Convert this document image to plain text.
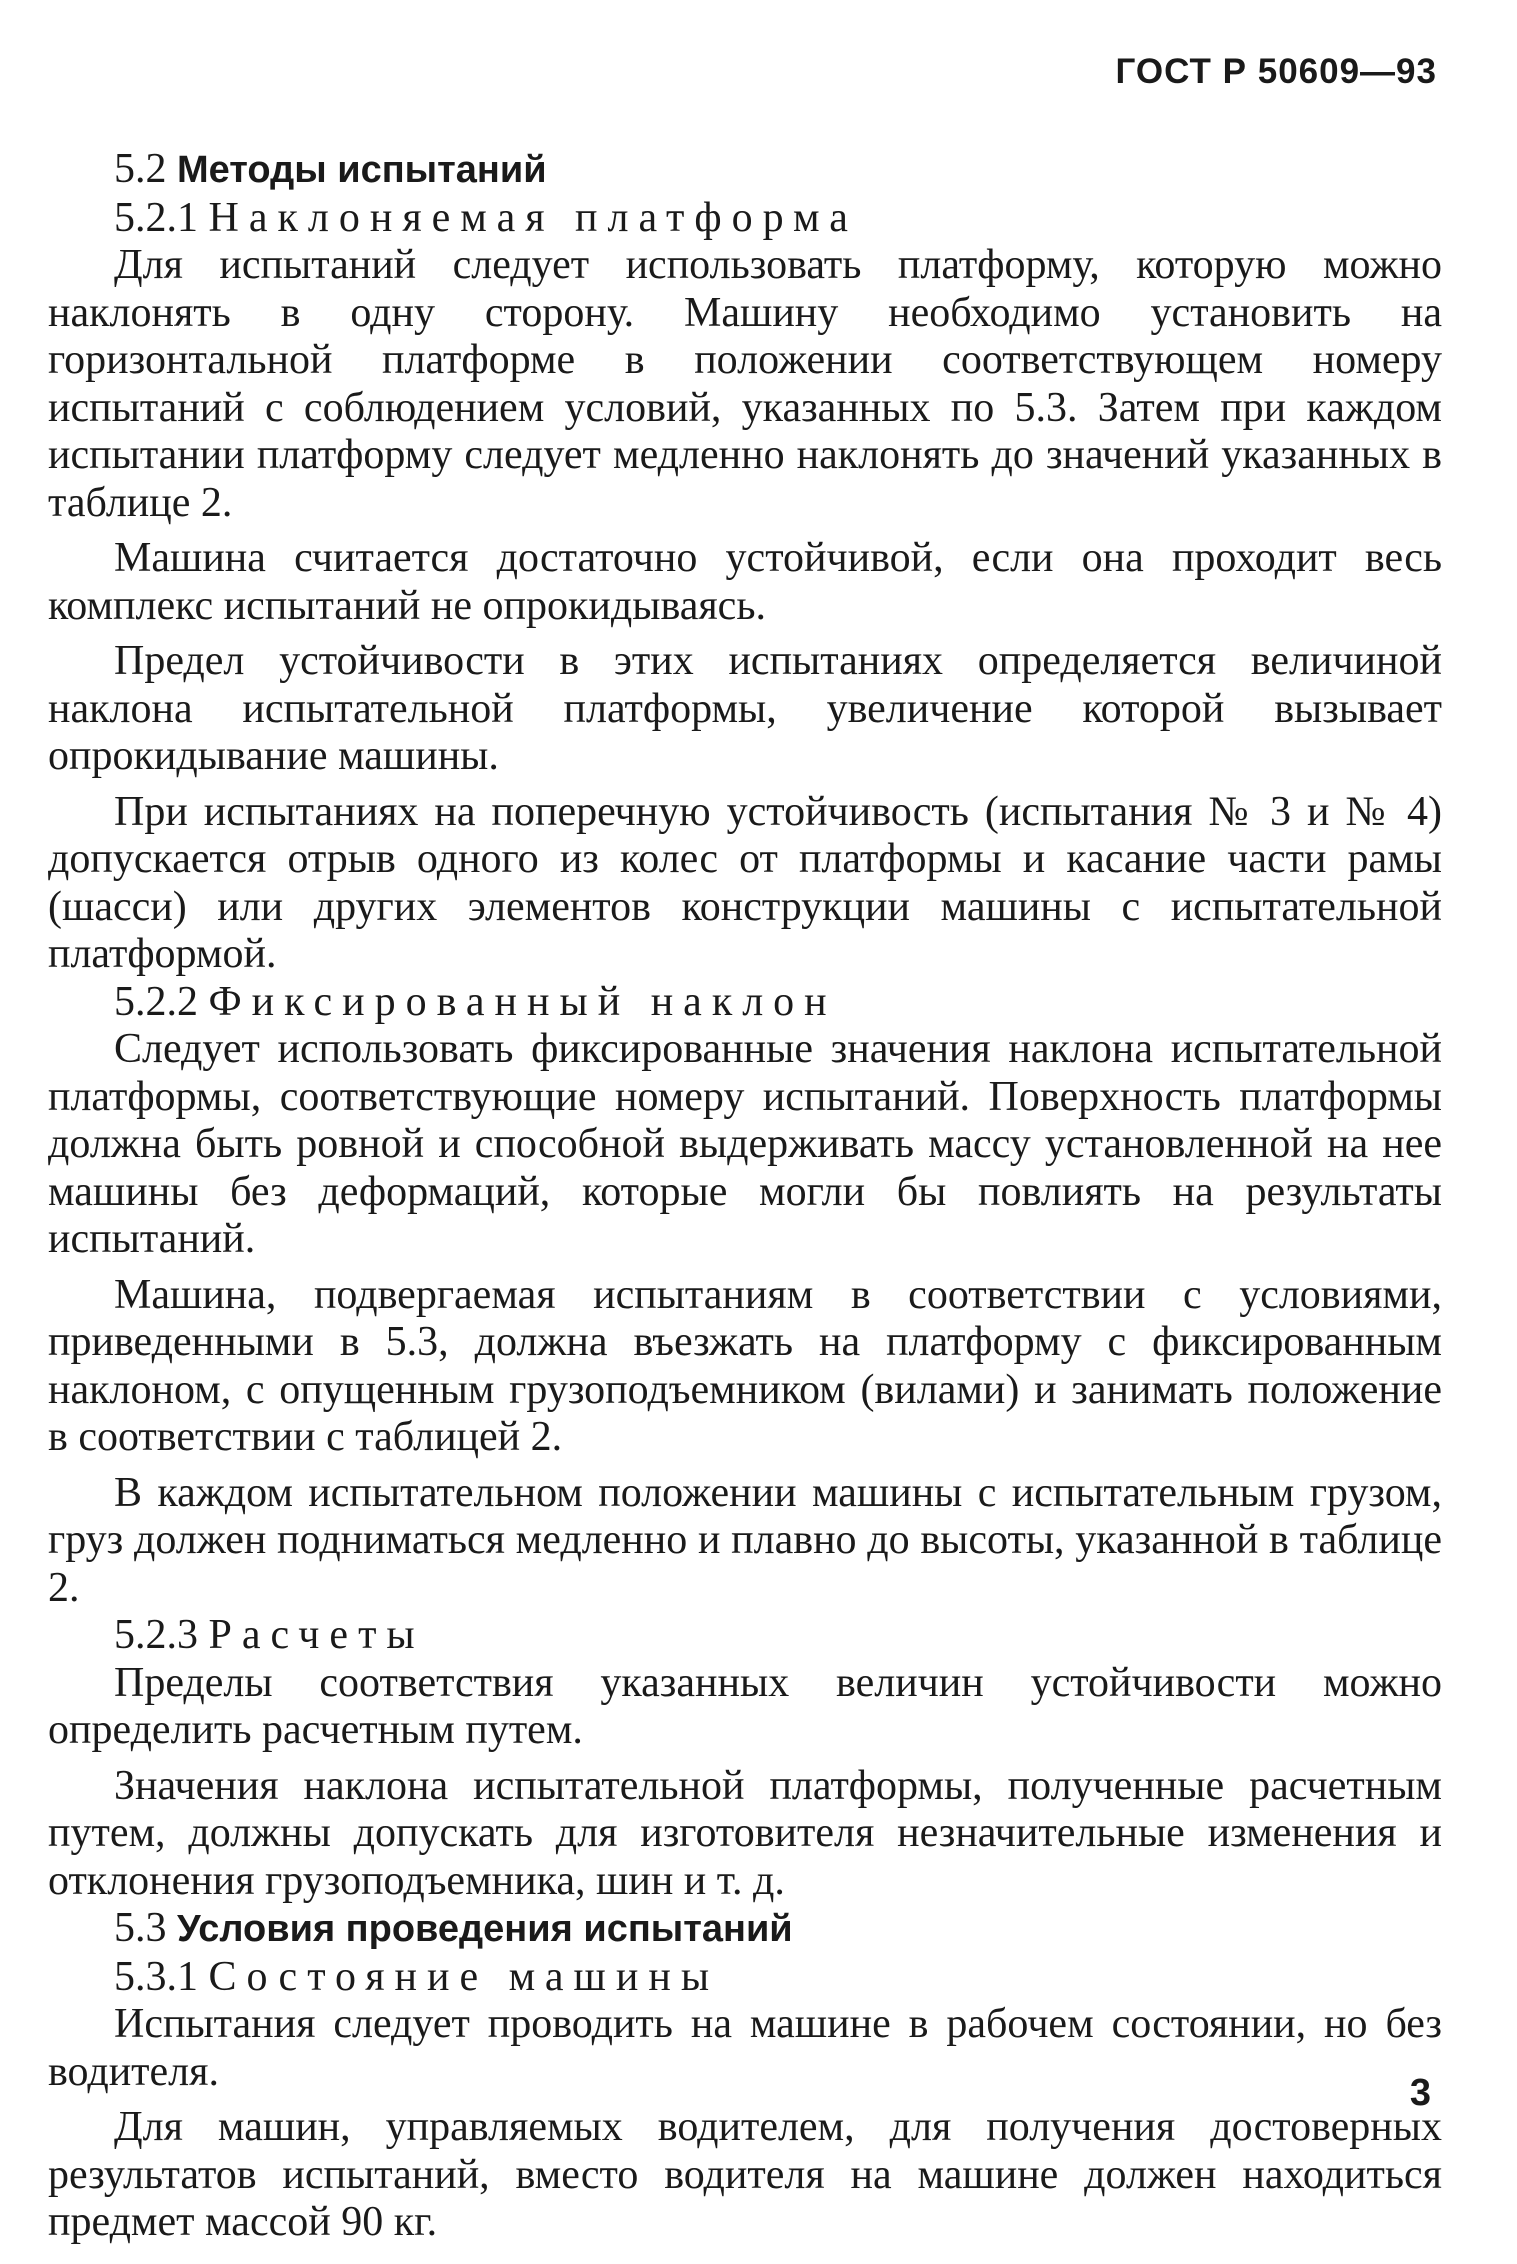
ГОСТ Р 50609—93

5.2 Методы испытаний

5.2.1 Наклоняемая платформа

Для испытаний следует использовать платформу, которую можно наклонять в одну сторону. Машину необходимо установить на горизонтальной платформе в положении соответствующем номеру испытаний с соблюдением условий, указанных по 5.3. Затем при каждом испытании платформу следует медленно наклонять до значений указанных в таблице 2.

Машина считается достаточно устойчивой, если она проходит весь комплекс испытаний не опрокидываясь.

Предел устойчивости в этих испытаниях определяется величиной наклона испытательной платформы, увеличение которой вызывает опрокидывание машины.

При испытаниях на поперечную устойчивость (испытания № 3 и № 4) допускается отрыв одного из колес от платформы и касание части рамы (шасси) или других элементов конструкции машины с испытательной платформой.

5.2.2 Фиксированный наклон

Следует использовать фиксированные значения наклона испытательной платформы, соответствующие номеру испытаний. Поверхность платформы должна быть ровной и способной выдерживать массу установленной на нее машины без деформаций, которые могли бы повлиять на результаты испытаний.

Машина, подвергаемая испытаниям в соответствии с условиями, приведенными в 5.3, должна въезжать на платформу с фиксированным наклоном, с опущенным грузоподъемником (вилами) и занимать положение в соответствии с таблицей 2.

В каждом испытательном положении машины с испытательным грузом, груз должен подниматься медленно и плавно до высоты, указанной в таблице 2.

5.2.3 Расчеты

Пределы соответствия указанных величин устойчивости можно определить расчетным путем.

Значения наклона испытательной платформы, полученные расчетным путем, должны допускать для изготовителя незначительные изменения и отклонения грузоподъемника, шин и т. д.

5.3 Условия проведения испытаний

5.3.1 Состояние машины

Испытания следует проводить на машине в рабочем состоянии, но без водителя.

Для машин, управляемых водителем, для получения достоверных результатов испытаний, вместо водителя на машине должен находиться предмет массой 90 кг.

3
